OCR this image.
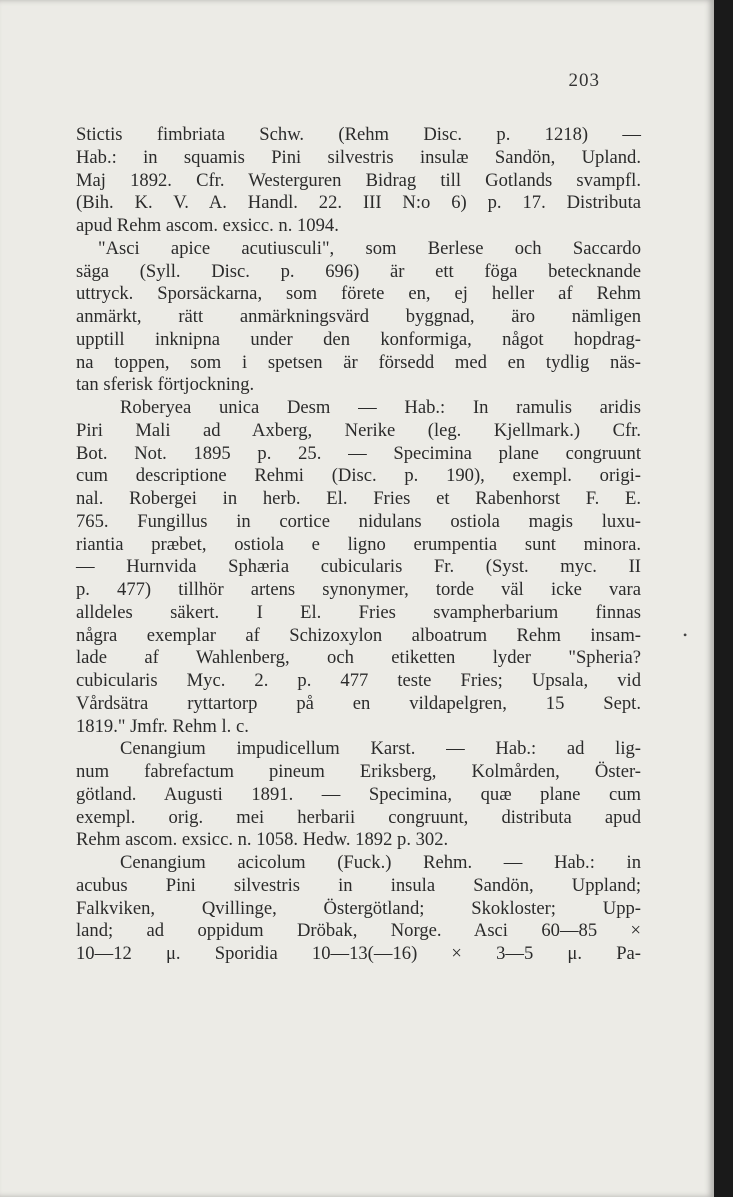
203
•
Stictis fimbriata Schw. (Rehm Disc. p. 1218) —
Hab.: in squamis Pini silvestris insulæ Sandön, Upland.
Maj 1892. Cfr. Westerguren Bidrag till Gotlands svampfl.
(Bih. K. V. A. Handl. 22. III N:o 6) p. 17. Distributa
apud Rehm ascom. exsicc. n. 1094.
"Asci apice acutiusculi", som Berlese och Saccardo
säga (Syll. Disc. p. 696) är ett föga betecknande
uttryck. Sporsäckarna, som förete en, ej heller af Rehm
anmärkt, rätt anmärkningsvärd byggnad, äro nämligen
upptill inknipna under den konformiga, något hopdrag-
na toppen, som i spetsen är försedd med en tydlig näs-
tan sferisk förtjockning.
Roberyea unica Desm — Hab.: In ramulis aridis
Piri Mali ad Axberg, Nerike (leg. Kjellmark.) Cfr.
Bot. Not. 1895 p. 25. — Specimina plane congruunt
cum descriptione Rehmi (Disc. p. 190), exempl. origi-
nal. Robergei in herb. El. Fries et Rabenhorst F. E.
765. Fungillus in cortice nidulans ostiola magis luxu-
riantia præbet, ostiola e ligno erumpentia sunt minora.
— Hurnvida Sphæria cubicularis Fr. (Syst. myc. II
p. 477) tillhör artens synonymer, torde väl icke vara
alldeles säkert. I El. Fries svampherbarium finnas
några exemplar af Schizoxylon alboatrum Rehm insam-
lade af Wahlenberg, och etiketten lyder "Spheria?
cubicularis Myc. 2. p. 477 teste Fries; Upsala, vid
Vårdsätra ryttartorp på en vildapelgren, 15 Sept.
1819." Jmfr. Rehm l. c.
Cenangium impudicellum Karst. — Hab.: ad lig-
num fabrefactum pineum Eriksberg, Kolmården, Öster-
götland. Augusti 1891. — Specimina, quæ plane cum
exempl. orig. mei herbarii congruunt, distributa apud
Rehm ascom. exsicc. n. 1058. Hedw. 1892 p. 302.
Cenangium acicolum (Fuck.) Rehm. — Hab.: in
acubus Pini silvestris in insula Sandön, Uppland;
Falkviken, Qvillinge, Östergötland; Skokloster; Upp-
land; ad oppidum Dröbak, Norge. Asci 60—85 ×
10—12 μ. Sporidia 10—13(—16) × 3—5 μ. Pa-
